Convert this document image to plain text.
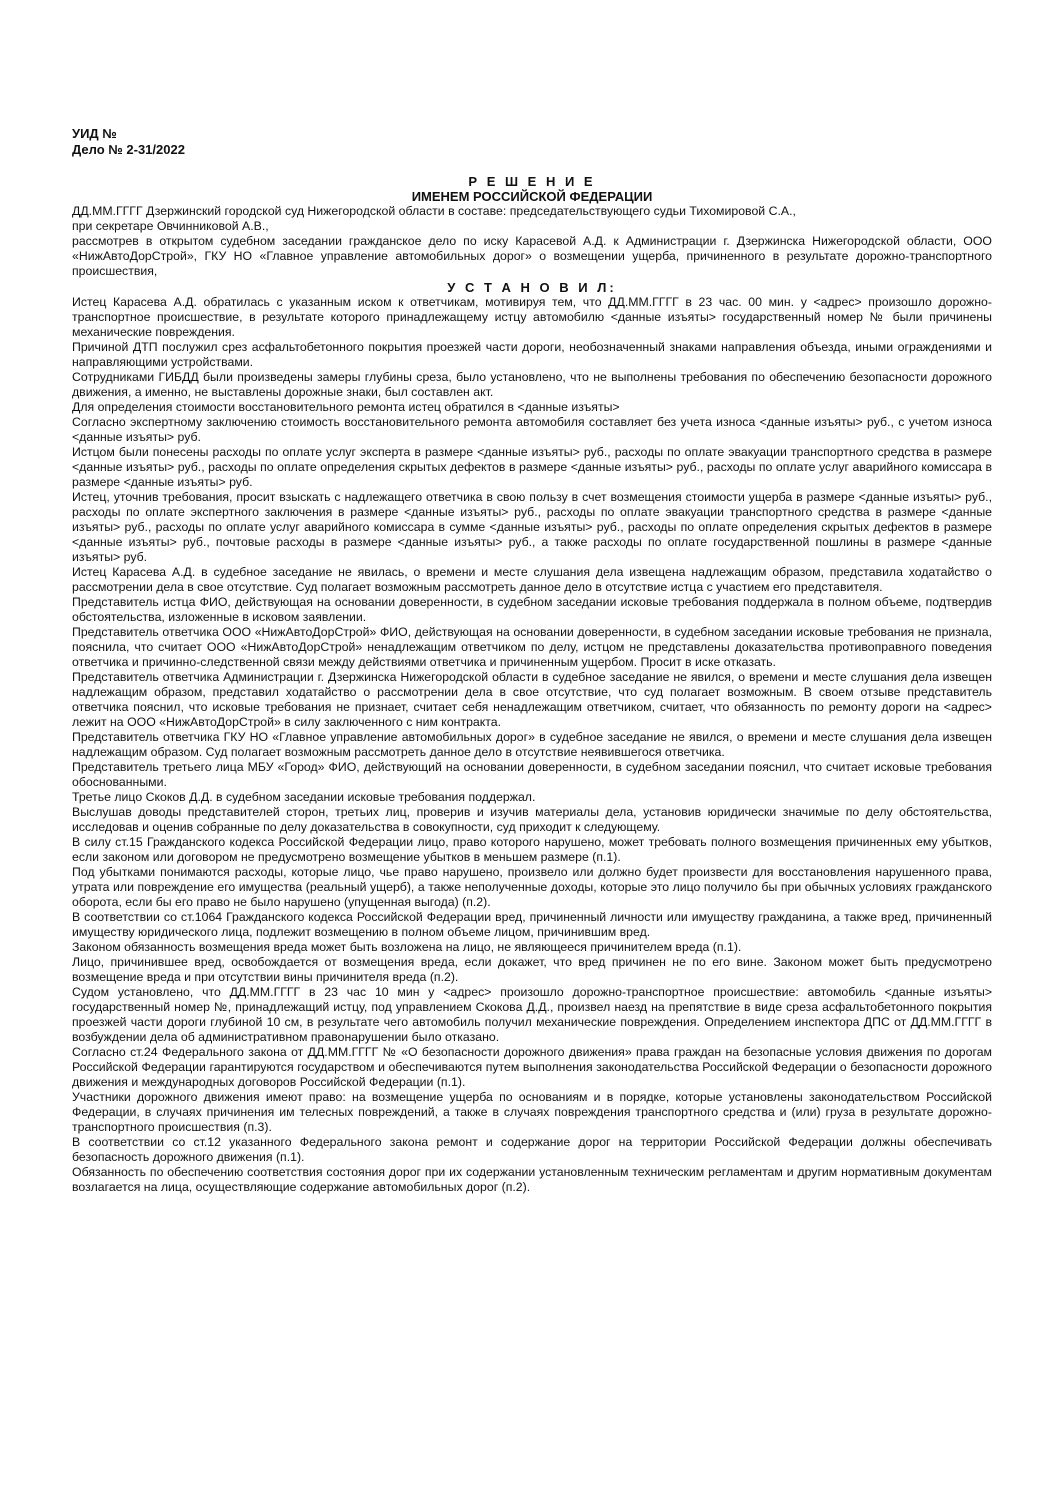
УИД №
Дело № 2-31/2022
Р Е Ш Е Н И Е
ИМЕНЕМ РОССИЙСКОЙ ФЕДЕРАЦИИ

ДД.ММ.ГГГГ Дзержинский городской суд Нижегородской области в составе: председательствующего судьи Тихомировой С.А.,

при секретаре Овчинниковой А.В.,

рассмотрев в открытом судебном заседании гражданское дело по иску Карасевой А.Д. к Администрации г. Дзержинска Нижегородской области, ООО «НижАвтоДорСтрой», ГКУ НО «Главное управление автомобильных дорог» о возмещении ущерба, причиненного в результате дорожно-транспортного происшествия,

У С Т А Н О В И Л:

Истец Карасева А.Д. обратилась с указанным иском к ответчикам, мотивируя тем, что ДД.ММ.ГГГГ в 23 час. 00 мин. у <адрес> произошло дорожно-транспортное происшествие, в результате которого принадлежащему истцу автомобилю <данные изъяты> государственный номер № были причинены механические повреждения.

Причиной ДТП послужил срез асфальтобетонного покрытия проезжей части дороги, необозначенный знаками направления объезда, иными ограждениями и направляющими устройствами.

Сотрудниками ГИБДД были произведены замеры глубины среза, было установлено, что не выполнены требования по обеспечению безопасности дорожного движения, а именно, не выставлены дорожные знаки, был составлен акт.

Для определения стоимости восстановительного ремонта истец обратился в <данные изъяты>

Согласно экспертному заключению стоимость восстановительного ремонта автомобиля составляет без учета износа <данные изъяты> руб., с учетом износа <данные изъяты> руб.

Истцом были понесены расходы по оплате услуг эксперта в размере <данные изъяты> руб., расходы по оплате эвакуации транспортного средства в размере <данные изъяты> руб., расходы по оплате определения скрытых дефектов в размере <данные изъяты> руб., расходы по оплате услуг аварийного комиссара в размере <данные изъяты> руб.

Истец, уточнив требования, просит взыскать с надлежащего ответчика в свою пользу в счет возмещения стоимости ущерба в размере <данные изъяты> руб., расходы по оплате экспертного заключения в размере <данные изъяты> руб., расходы по оплате эвакуации транспортного средства в размере <данные изъяты> руб., расходы по оплате услуг аварийного комиссара в сумме <данные изъяты> руб., расходы по оплате определения скрытых дефектов в размере <данные изъяты> руб., почтовые расходы в размере <данные изъяты> руб., а также расходы по оплате государственной пошлины в размере <данные изъяты> руб.

Истец Карасева А.Д. в судебное заседание не явилась, о времени и месте слушания дела извещена надлежащим образом, представила ходатайство о рассмотрении дела в свое отсутствие. Суд полагает возможным рассмотреть данное дело в отсутствие истца с участием его представителя.

Представитель истца ФИО, действующая на основании доверенности, в судебном заседании исковые требования поддержала в полном объеме, подтвердив обстоятельства, изложенные в исковом заявлении.

Представитель ответчика ООО «НижАвтоДорСтрой» ФИО, действующая на основании доверенности, в судебном заседании исковые требования не признала, пояснила, что считает ООО «НижАвтоДорСтрой» ненадлежащим ответчиком по делу, истцом не представлены доказательства противоправного поведения ответчика и причинно-следственной связи между действиями ответчика и причиненным ущербом. Просит в иске отказать.

Представитель ответчика Администрации г. Дзержинска Нижегородской области в судебное заседание не явился, о времени и месте слушания дела извещен надлежащим образом, представил ходатайство о рассмотрении дела в свое отсутствие, что суд полагает возможным. В своем отзыве представитель ответчика пояснил, что исковые требования не признает, считает себя ненадлежащим ответчиком, считает, что обязанность по ремонту дороги на <адрес> лежит на ООО «НижАвтоДорСтрой» в силу заключенного с ним контракта.

Представитель ответчика ГКУ НО «Главное управление автомобильных дорог» в судебное заседание не явился, о времени и месте слушания дела извещен надлежащим образом. Суд полагает возможным рассмотреть данное дело в отсутствие неявившегося ответчика.

Представитель третьего лица МБУ «Город» ФИО, действующий на основании доверенности, в судебном заседании пояснил, что считает исковые требования обоснованными.

Третье лицо Скоков Д.Д. в судебном заседании исковые требования поддержал.

Выслушав доводы представителей сторон, третьих лиц, проверив и изучив материалы дела, установив юридически значимые по делу обстоятельства, исследовав и оценив собранные по делу доказательства в совокупности, суд приходит к следующему.

В силу ст.15 Гражданского кодекса Российской Федерации лицо, право которого нарушено, может требовать полного возмещения причиненных ему убытков, если законом или договором не предусмотрено возмещение убытков в меньшем размере (п.1).

Под убытками понимаются расходы, которые лицо, чье право нарушено, произвело или должно будет произвести для восстановления нарушенного права, утрата или повреждение его имущества (реальный ущерб), а также неполученные доходы, которые это лицо получило бы при обычных условиях гражданского оборота, если бы его право не было нарушено (упущенная выгода) (п.2).

В соответствии со ст.1064 Гражданского кодекса Российской Федерации вред, причиненный личности или имуществу гражданина, а также вред, причиненный имуществу юридического лица, подлежит возмещению в полном объеме лицом, причинившим вред.

Законом обязанность возмещения вреда может быть возложена на лицо, не являющееся причинителем вреда (п.1).

Лицо, причинившее вред, освобождается от возмещения вреда, если докажет, что вред причинен не по его вине. Законом может быть предусмотрено возмещение вреда и при отсутствии вины причинителя вреда (п.2).

Судом установлено, что ДД.ММ.ГГГГ в 23 час 10 мин у <адрес> произошло дорожно-транспортное происшествие: автомобиль <данные изъяты> государственный номер №, принадлежащий истцу, под управлением Скокова Д.Д., произвел наезд на препятствие в виде среза асфальтобетонного покрытия проезжей части дороги глубиной 10 см, в результате чего автомобиль получил механические повреждения. Определением инспектора ДПС от ДД.ММ.ГГГГ в возбуждении дела об административном правонарушении было отказано.

Согласно ст.24 Федерального закона от ДД.ММ.ГГГГ № «О безопасности дорожного движения» права граждан на безопасные условия движения по дорогам Российской Федерации гарантируются государством и обеспечиваются путем выполнения законодательства Российской Федерации о безопасности дорожного движения и международных договоров Российской Федерации (п.1).

Участники дорожного движения имеют право: на возмещение ущерба по основаниям и в порядке, которые установлены законодательством Российской Федерации, в случаях причинения им телесных повреждений, а также в случаях повреждения транспортного средства и (или) груза в результате дорожно-транспортного происшествия (п.3).

В соответствии со ст.12 указанного Федерального закона ремонт и содержание дорог на территории Российской Федерации должны обеспечивать безопасность дорожного движения (п.1).

Обязанность по обеспечению соответствия состояния дорог при их содержании установленным техническим регламентам и другим нормативным документам возлагается на лица, осуществляющие содержание автомобильных дорог (п.2).
